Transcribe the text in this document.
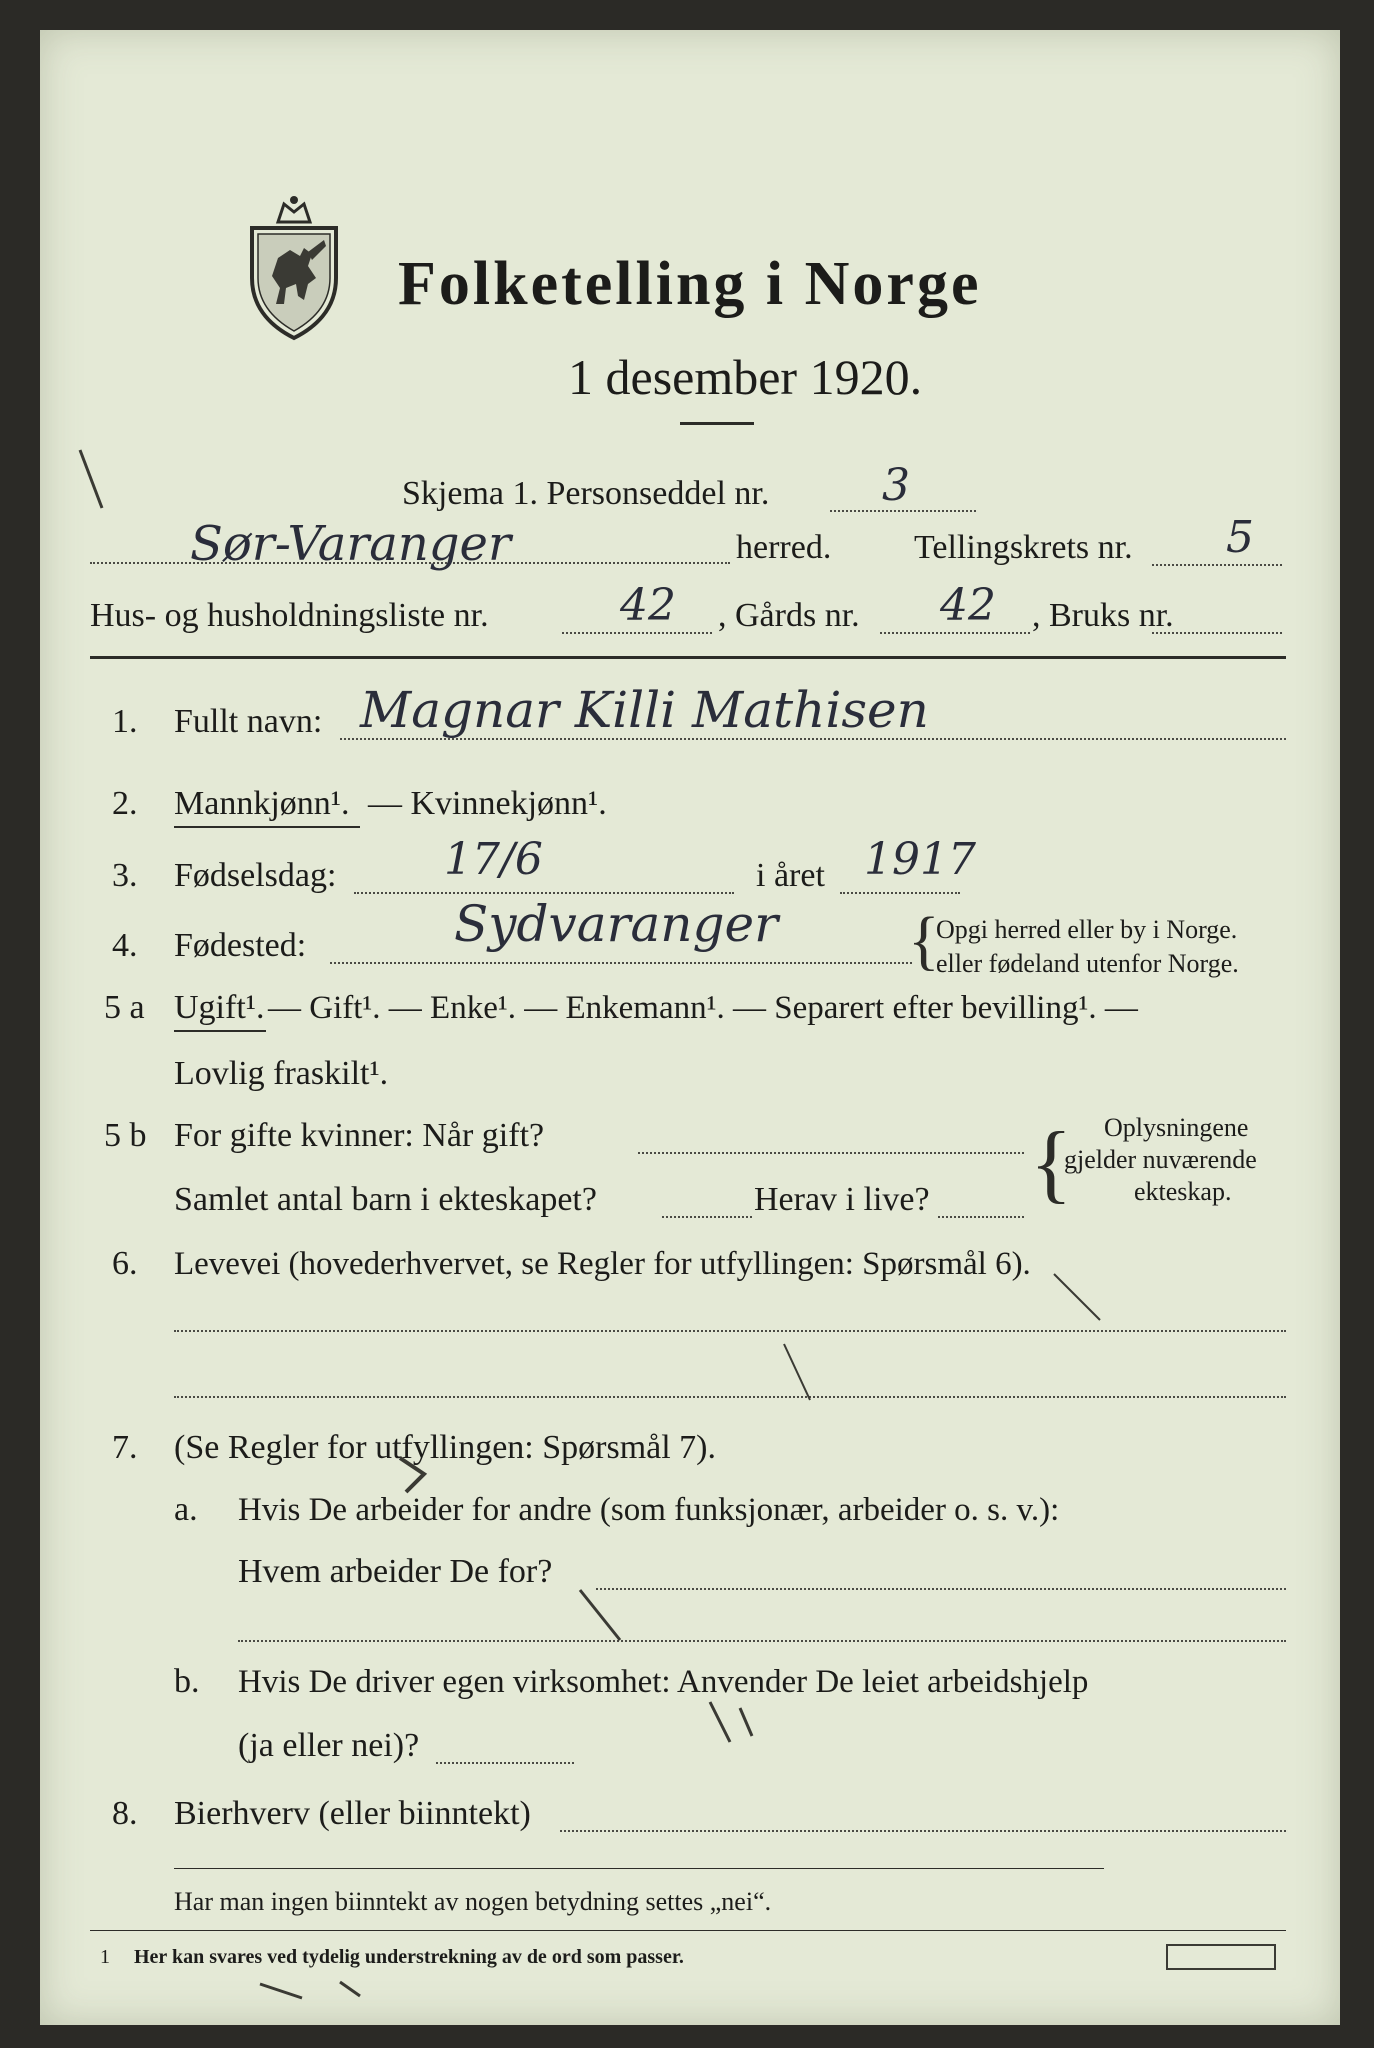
Folketelling i Norge
1 desember 1920.
Skjema 1. Personseddel nr.	3
Sør-Varanger	herred. Tellingskrets nr. 5
Hus- og husholdningsliste nr.	42 , Gårds nr. 42 , Bruks nr.
1. Fullt navn: Magnar Killi Mathisen
2. Mannkjønn¹. — Kvinnekjønn¹.
3. Fødselsdag: 17/6	i året 1917
4. Fødested:	Sydvaranger {
Opgi herred eller by i Norge.
eller fødeland utenfor Norge.
5 a Ugift¹. — Gift¹. — Enke¹. — Enkemann¹. — Separert efter bevilling¹. —
Lovlig fraskilt¹.
5 b For gifte kvinner: Når gift?
Samlet antal barn i ekteskapet?	Herav i live? { Oplysningene
gjelder nuværende
ekteskap.
6. Levevei (hovederhvervet, se Regler for utfyllingen: Spørsmål 6).
7. (Se Regler for utfyllingen: Spørsmål 7).
a. Hvis De arbeider for andre (som funksjonær, arbeider o. s. v.):
Hvem arbeider De for?
b. Hvis De driver egen virksomhet: Anvender De leiet arbeidshjelp
(ja eller nei)?
8. Bierhverv (eller biinntekt)
Har man ingen biinntekt av nogen betydning settes „nei“.
1 Her kan svares ved tydelig understrekning av de ord som passer.
